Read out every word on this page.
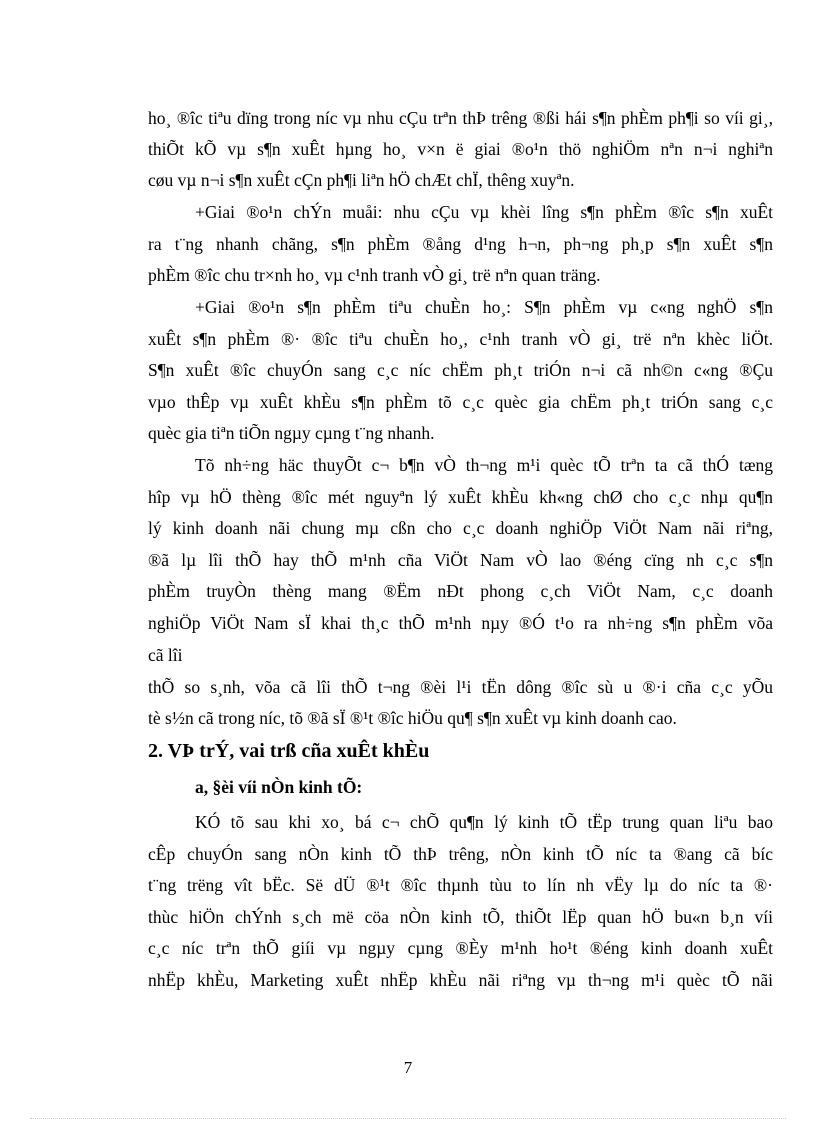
ho¸ ®îc tiªu dïng trong níc vµ nhu cÇu trªn thÞ trêng ®ßi hái s¶n phÈm ph¶i so víi gi¸,
thiÕt kÕ vµ s¶n xuÊt hµng ho¸ v×n ë giai ®o¹n thö nghiÖm nªn n¬i nghiªn
cøu vµ n¬i s¶n xuÊt cÇn ph¶i liªn hÖ chÆt chÏ, thêng xuyªn.
+Giai ®o¹n chÝn muåi: nhu cÇu vµ khèi lîng s¶n phÈm ®îc s¶n xuÊt
ra t¨ng nhanh chãng, s¶n phÈm ®ång d¹ng h¬n, ph¬ng ph¸p s¶n xuÊt s¶n
phÈm ®îc chu tr×nh ho¸ vµ c¹nh tranh vÒ gi¸ trë nªn quan träng.
+Giai ®o¹n s¶n phÈm tiªu chuÈn ho¸: S¶n phÈm vµ c«ng nghÖ s¶n
xuÊt s¶n phÈm ®· ®îc tiªu chuÈn ho¸, c¹nh tranh vÒ gi¸ trë nªn khèc liÖt.
S¶n xuÊt ®îc chuyÓn sang c¸c níc chËm ph¸t triÓn n¬i cã nh©n c«ng ®Çu
vµo thÊp vµ xuÊt khÈu s¶n phÈm tõ c¸c quèc gia chËm ph¸t triÓn sang c¸c
quèc gia tiªn tiÕn ngµy cµng t¨ng nhanh.
Tõ nh÷ng häc thuyÕt c¬ b¶n vÒ th¬ng m¹i quèc tÕ trªn ta cã thÓ tæng
hîp vµ hÖ thèng ®îc mét nguyªn lý xuÊt khÈu kh«ng chØ cho c¸c nhµ qu¶n
lý kinh doanh nãi chung mµ cßn cho c¸c doanh nghiÖp ViÖt Nam nãi riªng,
®ã lµ lîi thÕ hay thÕ m¹nh cña ViÖt Nam vÒ lao ®éng cïng nh c¸c s¶n
phÈm truyÒn thèng mang ®Ëm nÐt phong c¸ch ViÖt Nam, c¸c doanh
nghiÖp ViÖt Nam sÏ khai th¸c thÕ m¹nh nµy ®Ó t¹o ra nh÷ng s¶n phÈm võa
cã lîi
thÕ so s¸nh, võa cã lîi thÕ t¬ng ®èi l¹i tËn dông ®îc sù u ®·i cña c¸c yÕu
tè s½n cã trong níc, tõ ®ã sÏ ®¹t ®îc hiÖu qu¶ s¶n xuÊt vµ kinh doanh cao.
2. VÞ trÝ, vai trß cña xuÊt khÈu
a, §èi víi nÒn kinh tÕ:
KÓ tõ sau khi xo¸ bá c¬ chÕ qu¶n lý kinh tÕ tËp trung quan liªu bao
cÊp chuyÓn sang nÒn kinh tÕ thÞ trêng, nÒn kinh tÕ níc ta ®ang cã bíc
t¨ng trëng vît bËc. Së dÜ ®¹t ®îc thµnh tùu to lín nh vËy lµ do níc ta ®·
thùc hiÖn chÝnh s¸ch më cöa nÒn kinh tÕ, thiÕt lËp quan hÖ bu«n b¸n víi
c¸c níc trªn thÕ giíi vµ ngµy cµng ®Èy m¹nh ho¹t ®éng kinh doanh xuÊt
nhËp khÈu, Marketing xuÊt nhËp khÈu nãi riªng vµ th¬ng m¹i quèc tÕ nãi
7
